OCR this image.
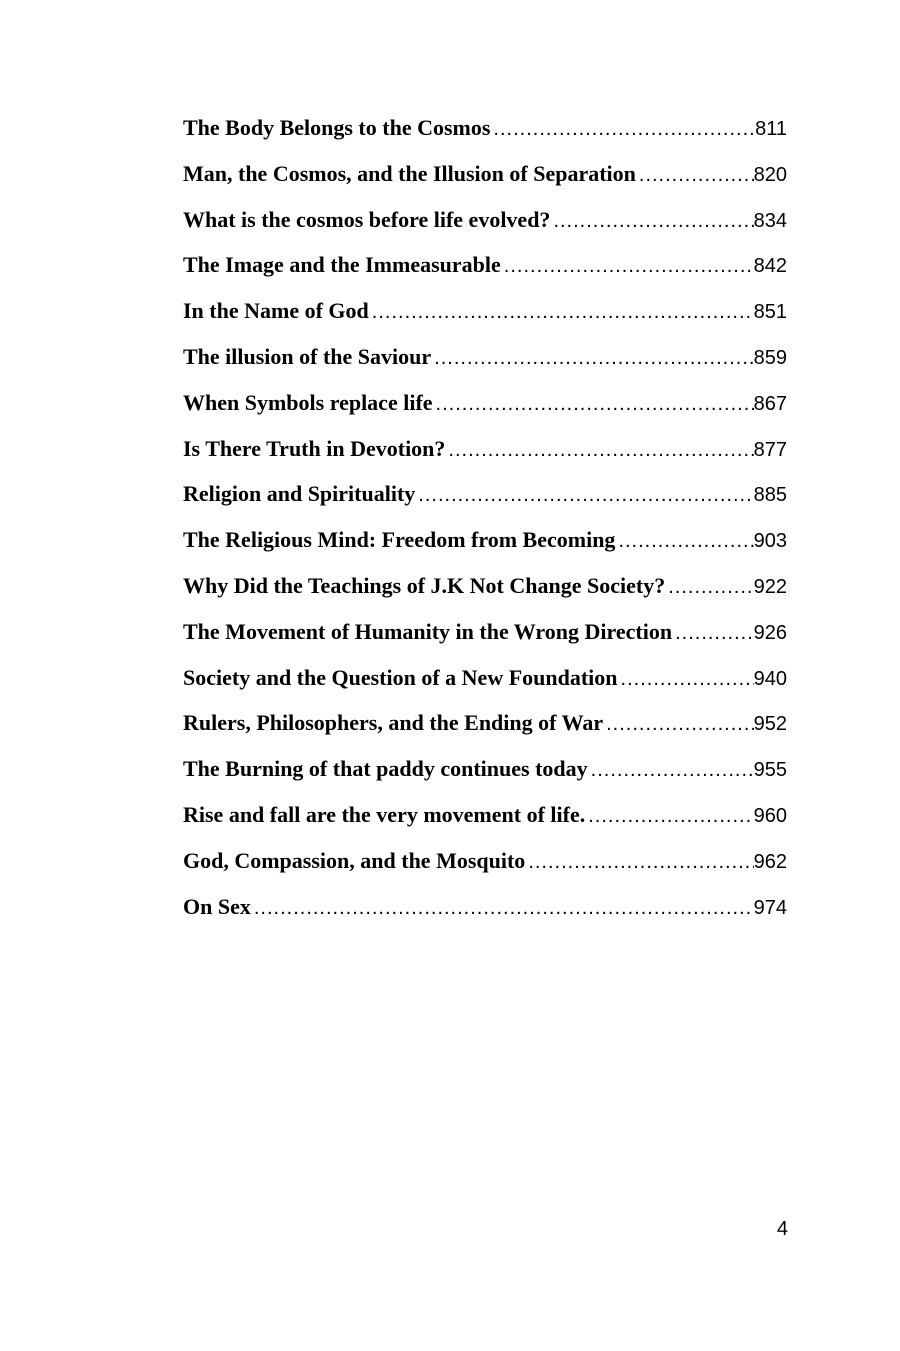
The Body Belongs to the Cosmos .....	811
Man, the Cosmos, and the Illusion of Separation .....	820
What is the cosmos before life evolved? .....	834
The Image and the Immeasurable .....	842
In the Name of God .....	851
The illusion of the Saviour .....	859
When Symbols replace life .....	867
Is There Truth in Devotion? .....	877
Religion and Spirituality .....	885
The Religious Mind: Freedom from Becoming .....	903
Why Did the Teachings of J.K Not Change Society? .....	922
The Movement of Humanity in the Wrong Direction .....	926
Society and the Question of a New Foundation .....	940
Rulers, Philosophers, and the Ending of War .....	952
The Burning of that paddy continues today .....	955
Rise and fall are the very movement of life. .....	960
God, Compassion, and the Mosquito .....	962
On Sex .....	974
4
